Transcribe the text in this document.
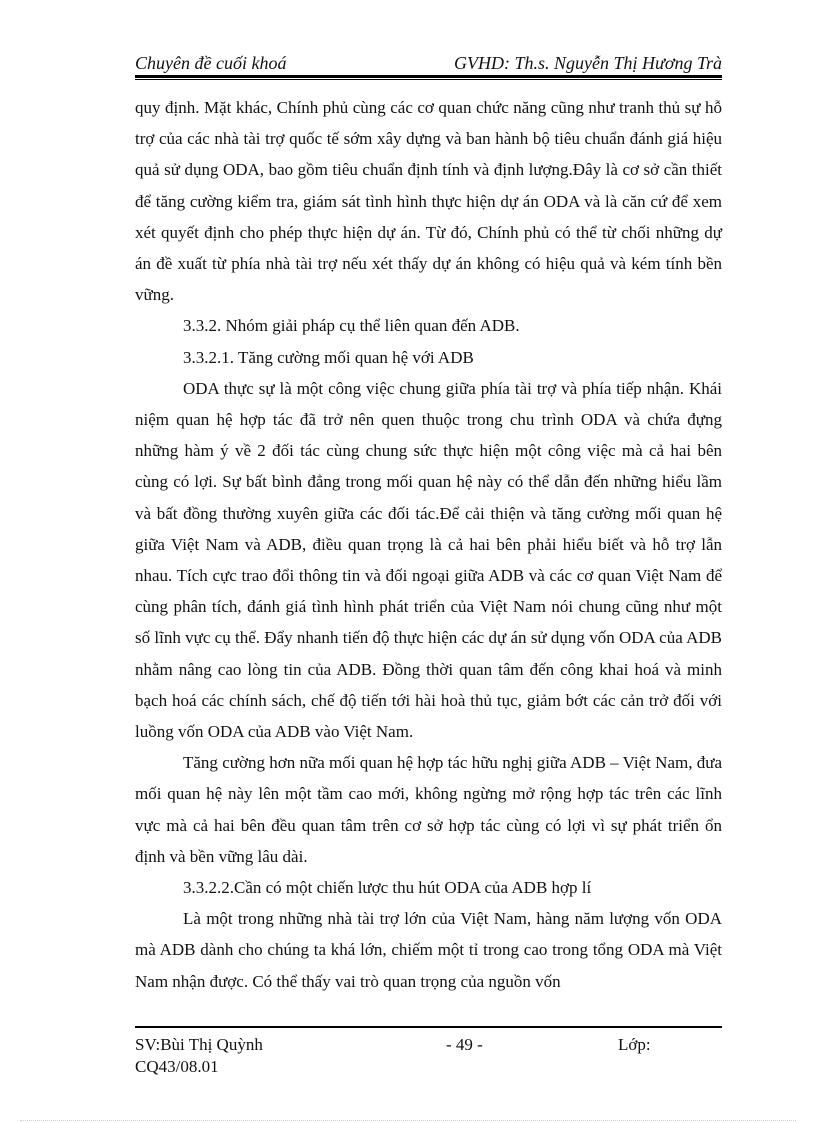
Chuyên đề cuối khoá	GVHD: Th.s. Nguyễn Thị Hương Trà

quy định. Mặt khác, Chính phủ cùng các cơ quan chức năng cũng như tranh thủ sự hỗ trợ của các nhà tài trợ quốc tế sớm xây dựng và ban hành bộ tiêu chuẩn đánh giá hiệu quả sử dụng ODA, bao gồm tiêu chuẩn định tính và định lượng.Đây là cơ sở cần thiết để tăng cường kiểm tra, giám sát tình hình thực hiện dự án ODA và là căn cứ để xem xét quyết định cho phép thực hiện dự án. Từ đó, Chính phủ có thể từ chối những dự án đề xuất từ phía nhà tài trợ nếu xét thấy dự án không có hiệu quả và kém tính bền vững.

3.3.2. Nhóm giải pháp cụ thể liên quan đến ADB.

3.3.2.1. Tăng cường mối quan hệ với ADB

ODA thực sự là một công việc chung giữa phía tài trợ và phía tiếp nhận. Khái niệm quan hệ hợp tác đã trở nên quen thuộc trong chu trình ODA và chứa đựng những hàm ý về 2 đối tác cùng chung sức thực hiện một công việc mà cả hai bên cùng có lợi. Sự bất bình đẳng trong mối quan hệ này có thể dẫn đến những hiểu lầm và bất đồng thường xuyên giữa các đối tác.Để cải thiện và tăng cường mối quan hệ giữa Việt Nam và ADB, điều quan trọng là cả hai bên phải hiểu biết và hỗ trợ lẫn nhau. Tích cực trao đổi thông tin và đối ngoại giữa ADB và các cơ quan Việt Nam để cùng phân tích, đánh giá tình hình phát triển của Việt Nam nói chung cũng như một số lĩnh vực cụ thể. Đẩy nhanh tiến độ thực hiện các dự án sử dụng vốn ODA của ADB nhằm nâng cao lòng tin của ADB. Đồng thời quan tâm đến công khai hoá và minh bạch hoá các chính sách, chế độ tiến tới hài hoà thủ tục, giảm bớt các cản trở đối với luồng vốn ODA của ADB vào Việt Nam.

Tăng cường hơn nữa mối quan hệ hợp tác hữu nghị giữa ADB – Việt Nam, đưa mối quan hệ này lên một tầm cao mới, không ngừng mở rộng hợp tác trên các lĩnh vực mà cả hai bên đều quan tâm trên cơ sở hợp tác cùng có lợi vì sự phát triển ổn định và bền vững lâu dài.

3.3.2.2.Cần có một chiến lược thu hút ODA của ADB hợp lí

Là một trong những nhà tài trợ lớn của Việt Nam, hàng năm lượng vốn ODA mà ADB dành cho chúng ta khá lớn, chiếm một tỉ trong cao trong tổng ODA mà Việt Nam nhận được. Có thể thấy vai trò quan trọng của nguồn vốn

SV:Bùi Thị Quỳnh	- 49 -	Lớp:
CQ43/08.01
